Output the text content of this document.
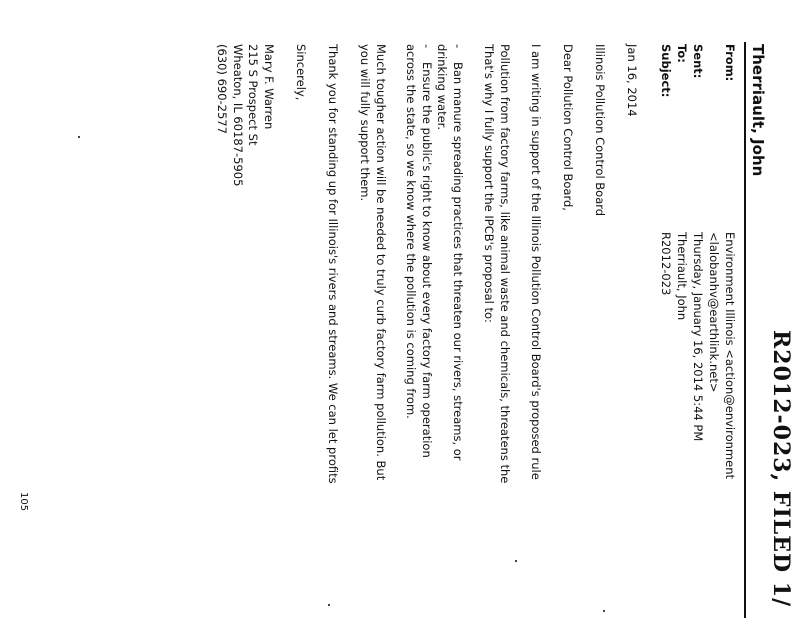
R2012-023, FILED 1/
Therriault, John
From:
Environment Illinois <action@environment
<lalobanhv@earthlink.net>
Sent:
Thursday, January 16, 2014 5:44 PM
To:
Therriault, John
Subject:
R2012-023
Jan 16, 2014
Illinois Pollution Control Board
Dear Pollution Control Board,
I am writing in support of the Illinois Pollution Control Board's proposed rule
Pollution from factory farms, like animal waste and chemicals, threatens the
That's why I fully support the IPCB's proposal to:
-
Ban manure spreading practices that threaten our rivers, streams, or
drinking water.
-
Ensure the public's right to know about every factory farm operation
across the state, so we know where the pollution is coming from.
Much tougher action will be needed to truly curb factory farm pollution. But
you will fully support them.
Thank you for standing up for Illinois's rivers and streams. We can let profits
Sincerely,
Mary F. Warren
215 S Prospect St
Wheaton, IL 60187-5905
(630) 690-2577
105
